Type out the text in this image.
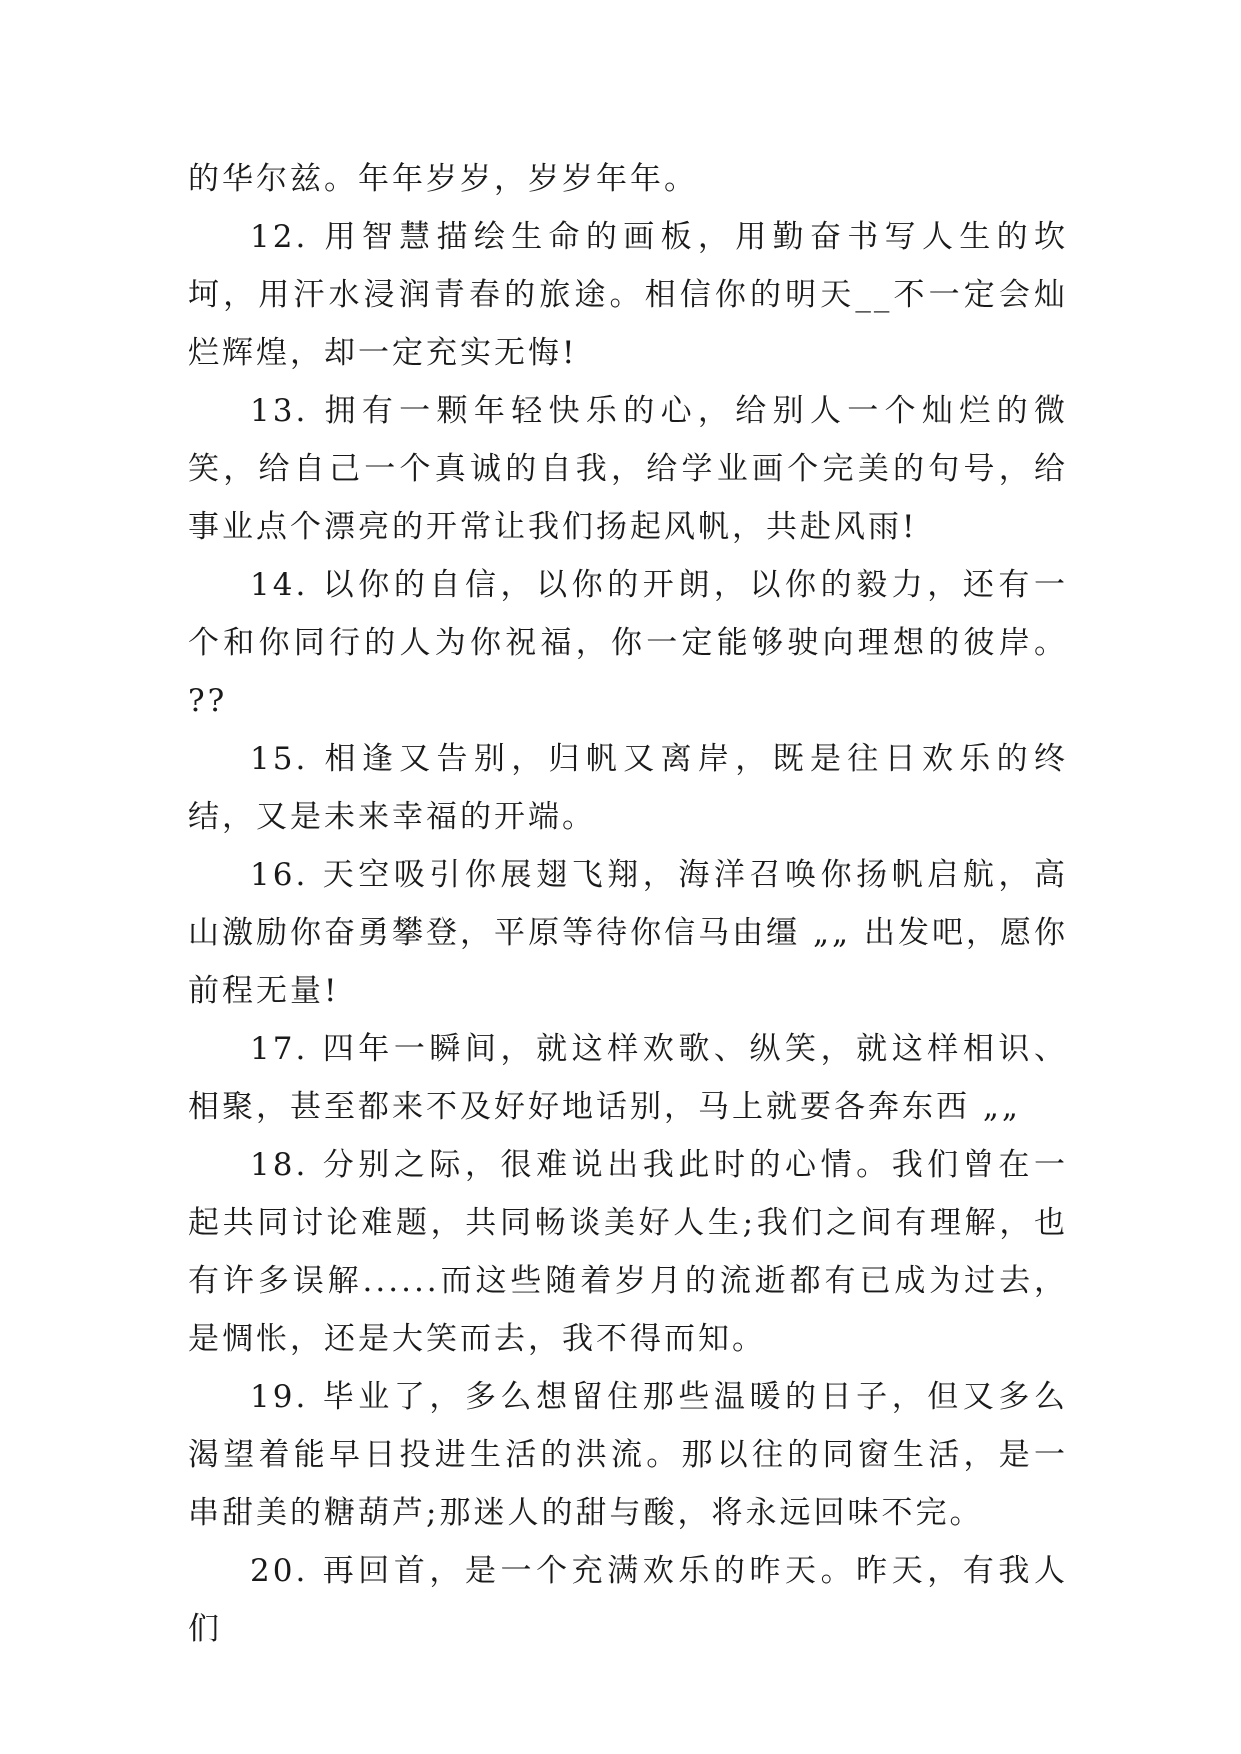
的华尔兹。年年岁岁，岁岁年年。

12. 用智慧描绘生命的画板，用勤奋书写人生的坎坷，用汗水浸润青春的旅途。相信你的明天__不一定会灿烂辉煌，却一定充实无悔!

13. 拥有一颗年轻快乐的心，给别人一个灿烂的微笑，给自己一个真诚的自我，给学业画个完美的句号，给事业点个漂亮的开常让我们扬起风帆，共赴风雨!

14. 以你的自信，以你的开朗，以你的毅力，还有一个和你同行的人为你祝福，你一定能够驶向理想的彼岸。 ??

15. 相逢又告别，归帆又离岸，既是往日欢乐的终结，又是未来幸福的开端。

16. 天空吸引你展翅飞翔，海洋召唤你扬帆启航，高山激励你奋勇攀登，平原等待你信马由缰 „„ 出发吧，愿你前程无量!

17. 四年一瞬间，就这样欢歌、纵笑，就这样相识、相聚，甚至都来不及好好地话别，马上就要各奔东西 „„

18. 分别之际，很难说出我此时的心情。我们曾在一起共同讨论难题，共同畅谈美好人生;我们之间有理解，也有许多误解......而这些随着岁月的流逝都有已成为过去，是惆怅，还是大笑而去，我不得而知。

19. 毕业了，多么想留住那些温暖的日子，但又多么渴望着能早日投进生活的洪流。那以往的同窗生活，是一串甜美的糖葫芦;那迷人的甜与酸，将永远回味不完。

20. 再回首，是一个充满欢乐的昨天。昨天，有我人们
